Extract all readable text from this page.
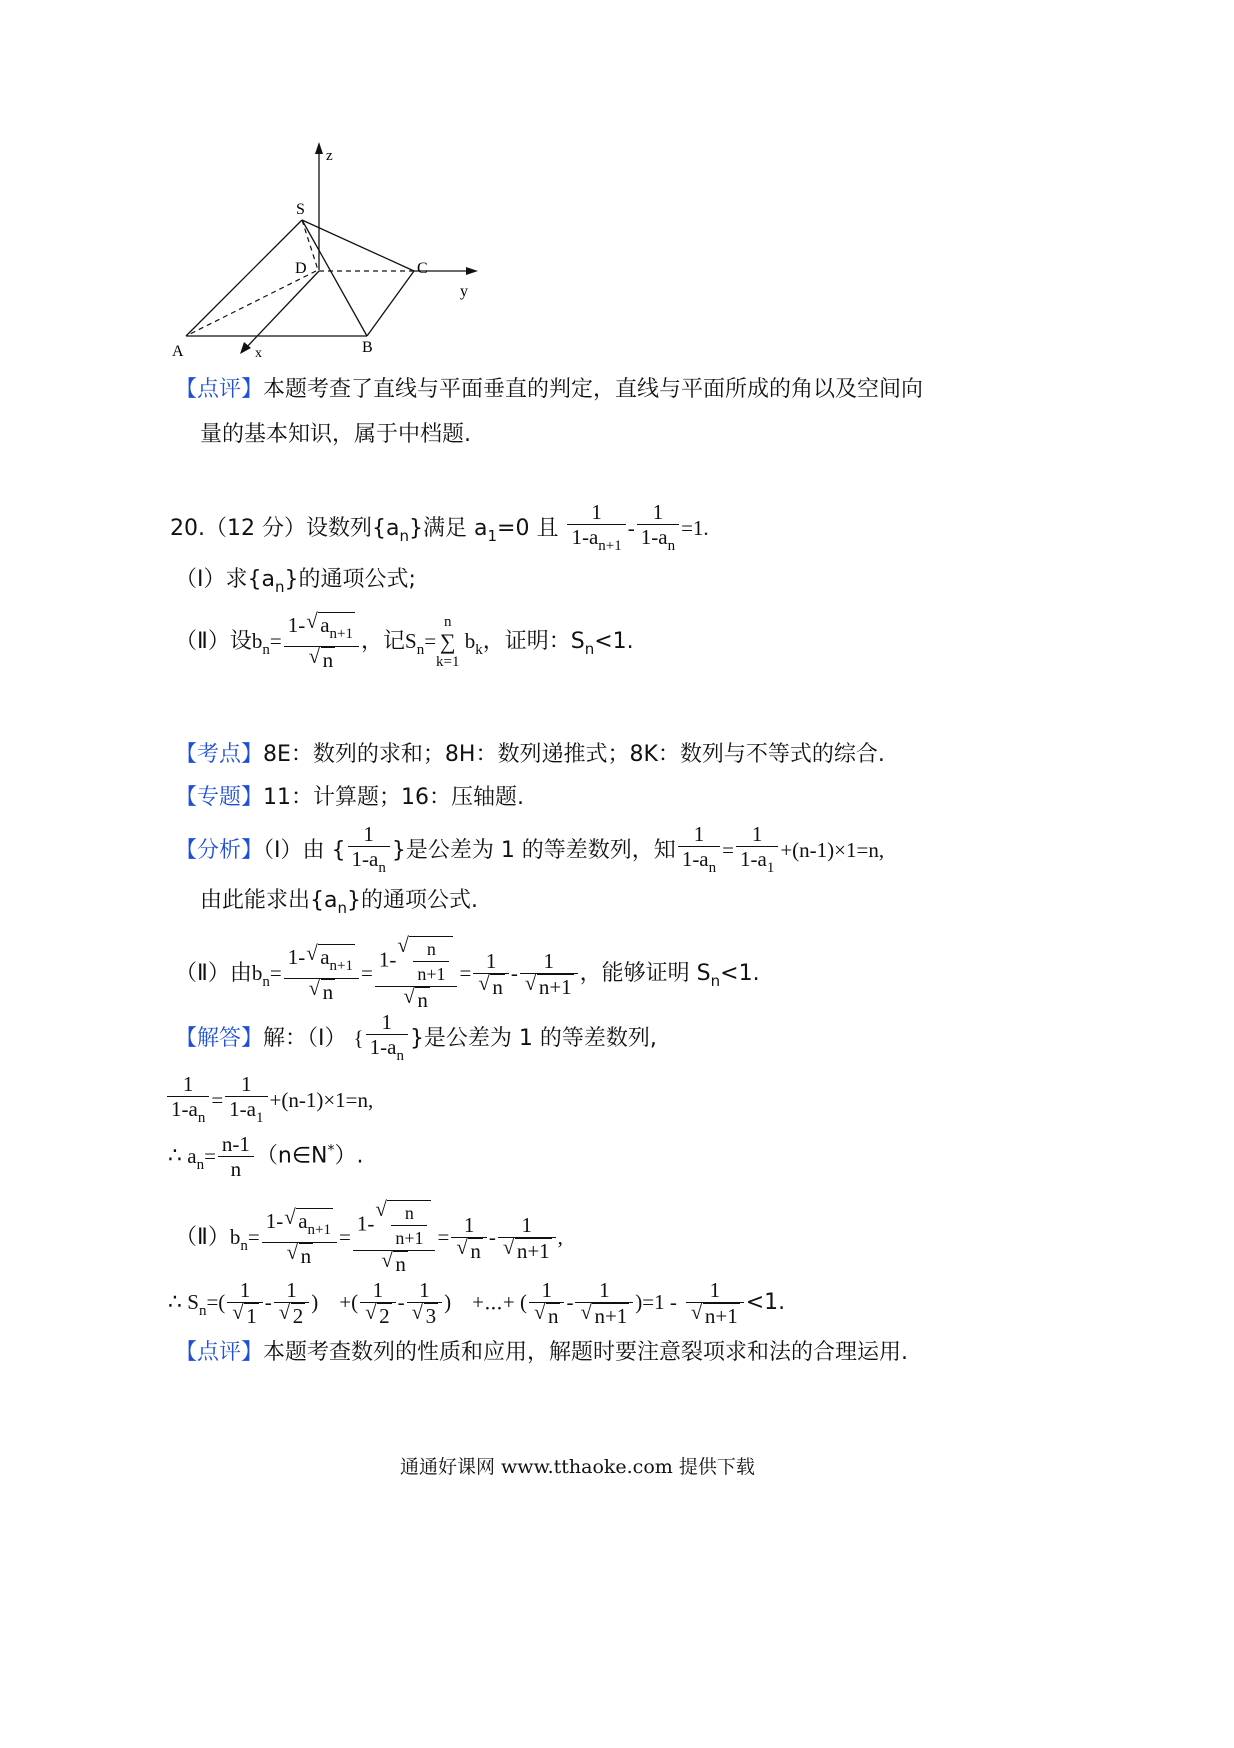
z
S
D	C
y
A	x	B
【点评】本题考查了直线与平面垂直的判定，直线与平面所成的角以及空间向
量的基本知识，属于中档题.
20.（12 分）设数列$\{a_n\}$满足 $a_1=0$ 且 $\frac{1}{1-a_{n+1}} - \frac{1}{1-a_n} =1$.
（Ⅰ）求$\{a_n\}$的通项公式;
（Ⅱ）设$b_n= 1-√$ $a_{n+1}$
√ n ，记$S_n=$
n
∑
k=1
$b_k$，证明：$S_n<1$.
【考点】8E：数列的求和；8H：数列递推式；8K：数列与不等式的综合.
【专题】11：计算题；16：压轴题.
【分析】（Ⅰ）由 { $\frac{1}{1-a_n}$ }是公差为 1 的等差数列，知 $\frac{1}{1-a_n} = \frac{1}{1-a_1} +(n-1)\times 1=n$,
由此能求出$\{a_n\}$的通项公式.
（Ⅱ）由$b_n= 1-√$ $a_{n+1}$
√ n = 1-
√ $\frac{n}{n+1}$
√ n = 1
√ n - 1
√ n+1 ，能够证明 $S_n<1$.
【解答】解：（Ⅰ） { $\frac{1}{1-a_n}$ }是公差为 1 的等差数列,
$\frac{1}{1-a_n} = \frac{1}{1-a_1} +(n-1)\times 1=n$,
∴ $a_n= \frac{n-1}{n}$ （n∈N*）.
$(Ⅱ)b_n= 1-√$ $a_{n+1}$
√ n = 1-
√ $\frac{n}{n+1}$
√ n = 1
√ n - 1
√ n+1 ,
∴ $S_n=$( 1
√ 1 - 1
√ 2 )　+( 1
√ 2 - 1
√ 3 )　+⋯+ ( 1
√ n - 1
√ n+1 )=1 - 1
√ n+1 <1.
【点评】本题考查数列的性质和应用，解题时要注意裂项求和法的合理运用.
通通好课网 www.tthaoke.com 提供下载
